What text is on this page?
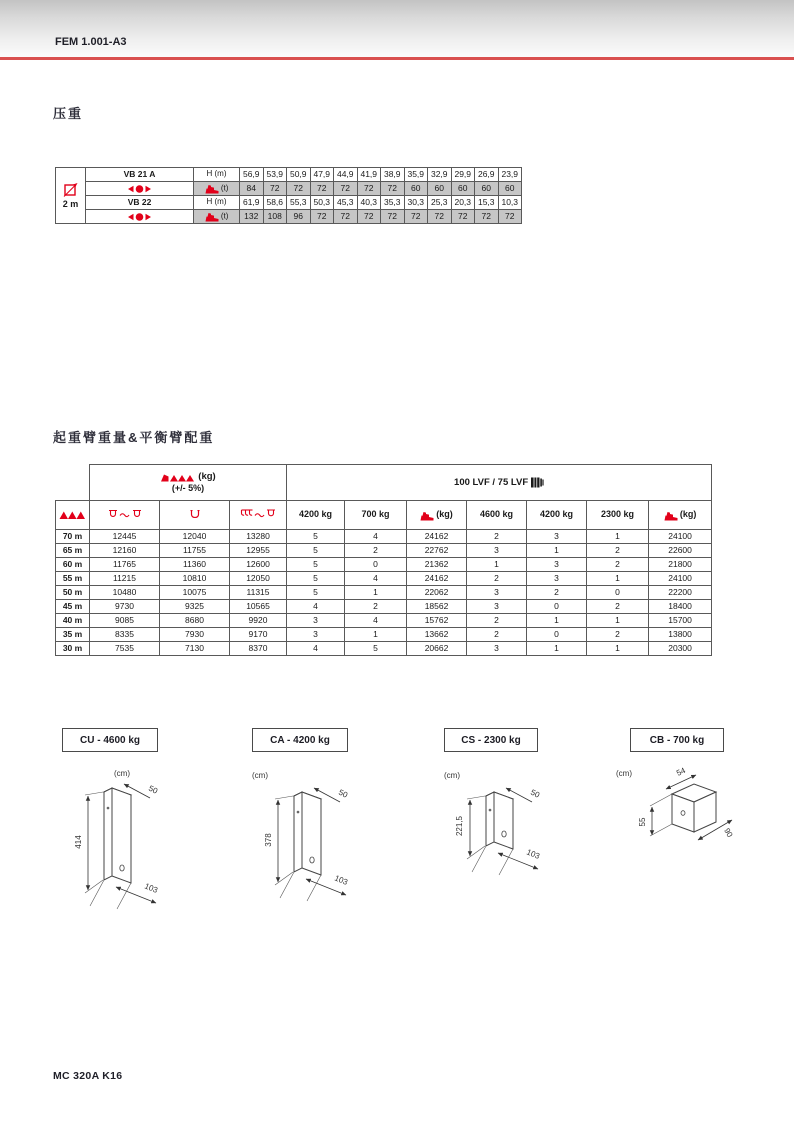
FEM 1.001-A3
压重
2 m	VB 21 A	H (m)	56,9	53,9	50,9	47,9	44,9	41,9	38,9	35,9	32,9	29,9	26,9	23,9
	(t)	84	72	72	72	72	72	72	60	60	60	60	60
	VB 22	H (m)	61,9	58,6	55,3	50,3	45,3	40,3	35,3	30,3	25,3	20,3	15,3	10,3
	(t)	132	108	96	72	72	72	72	72	72	72	72	72
起重臂重量&平衡臂配重

	(kg)
(+/- 5%)			100 LVF / 75 LVF						

				4200 kg	700 kg	(kg)	4600 kg	4200 kg	2300 kg	(kg)

70 m	12445	12040	13280	5	4	24162	2	3	1	24100
65 m	12160	11755	12955	5	2	22762	3	1	2	22600
60 m	11765	11360	12600	5	0	21362	1	3	2	21800
55 m	11215	10810	12050	5	4	24162	2	3	1	24100
50 m	10480	10075	11315	5	1	22062	3	2	0	22200
45 m	9730	9325	10565	4	2	18562	3	0	2	18400
40 m	9085	8680	9920	3	4	15762	2	1	1	15700
35 m	8335	7930	9170	3	1	13662	2	0	2	13800
30 m	7535	7130	8370	4	5	20662	3	1	1	20300
CU - 4600 kg	CA - 4200 kg	CS - 2300 kg	CB - 700 kg
(cm)
414
50
103
(cm)
378
50
103
(cm)
221,5
50
103
(cm)	54
90
55
MC 320A K16
